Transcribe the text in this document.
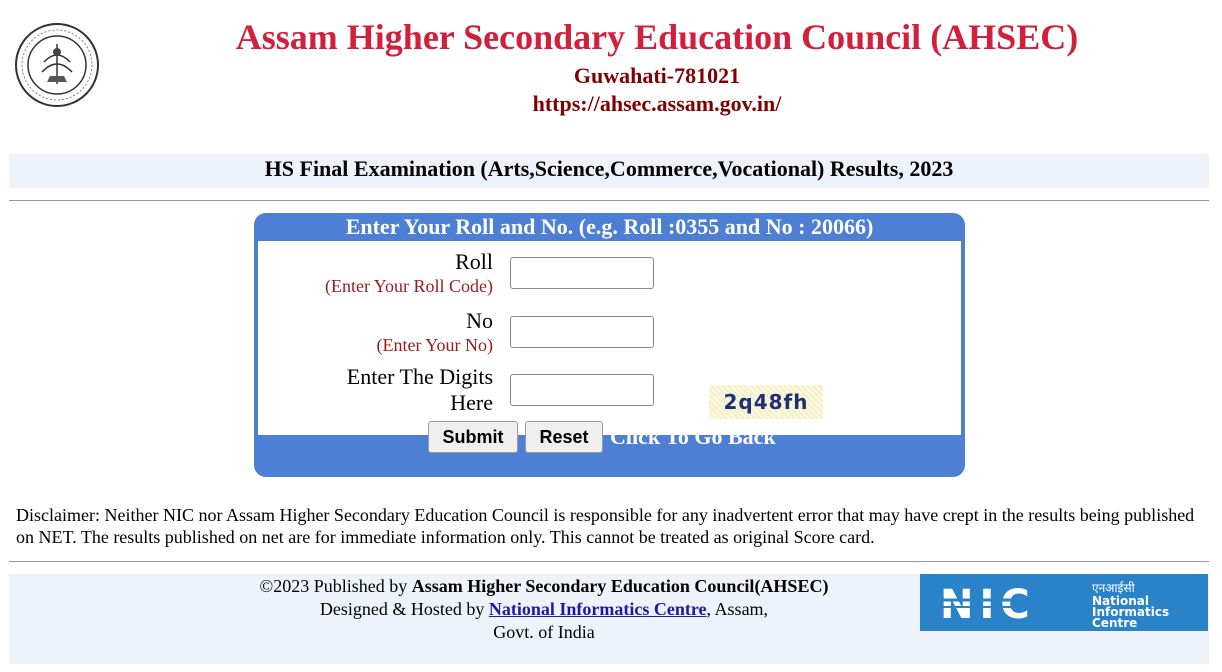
Assam Higher Secondary Education Council (AHSEC)
Guwahati-781021
https://ahsec.assam.gov.in/
HS Final Examination (Arts,Science,Commerce,Vocational) Results, 2023
Enter Your Roll and No. (e.g. Roll :0355 and No : 20066)
Roll
(Enter Your Roll Code)
No
(Enter Your No)
Enter The Digits
Here	2q48fh
Submit	Reset Click To Go Back
Disclaimer: Neither NIC nor Assam Higher Secondary Education Council is responsible for any inadvertent error that may have crept in the results being published on NET. The results published on net are for immediate information only. This cannot be treated as original Score card.
©2023 Published by Assam Higher Secondary Education Council(AHSEC)
Designed & Hosted by National Informatics Centre, Assam,
Govt. of India
NIC	एनआईसी
National
Informatics
Centre
